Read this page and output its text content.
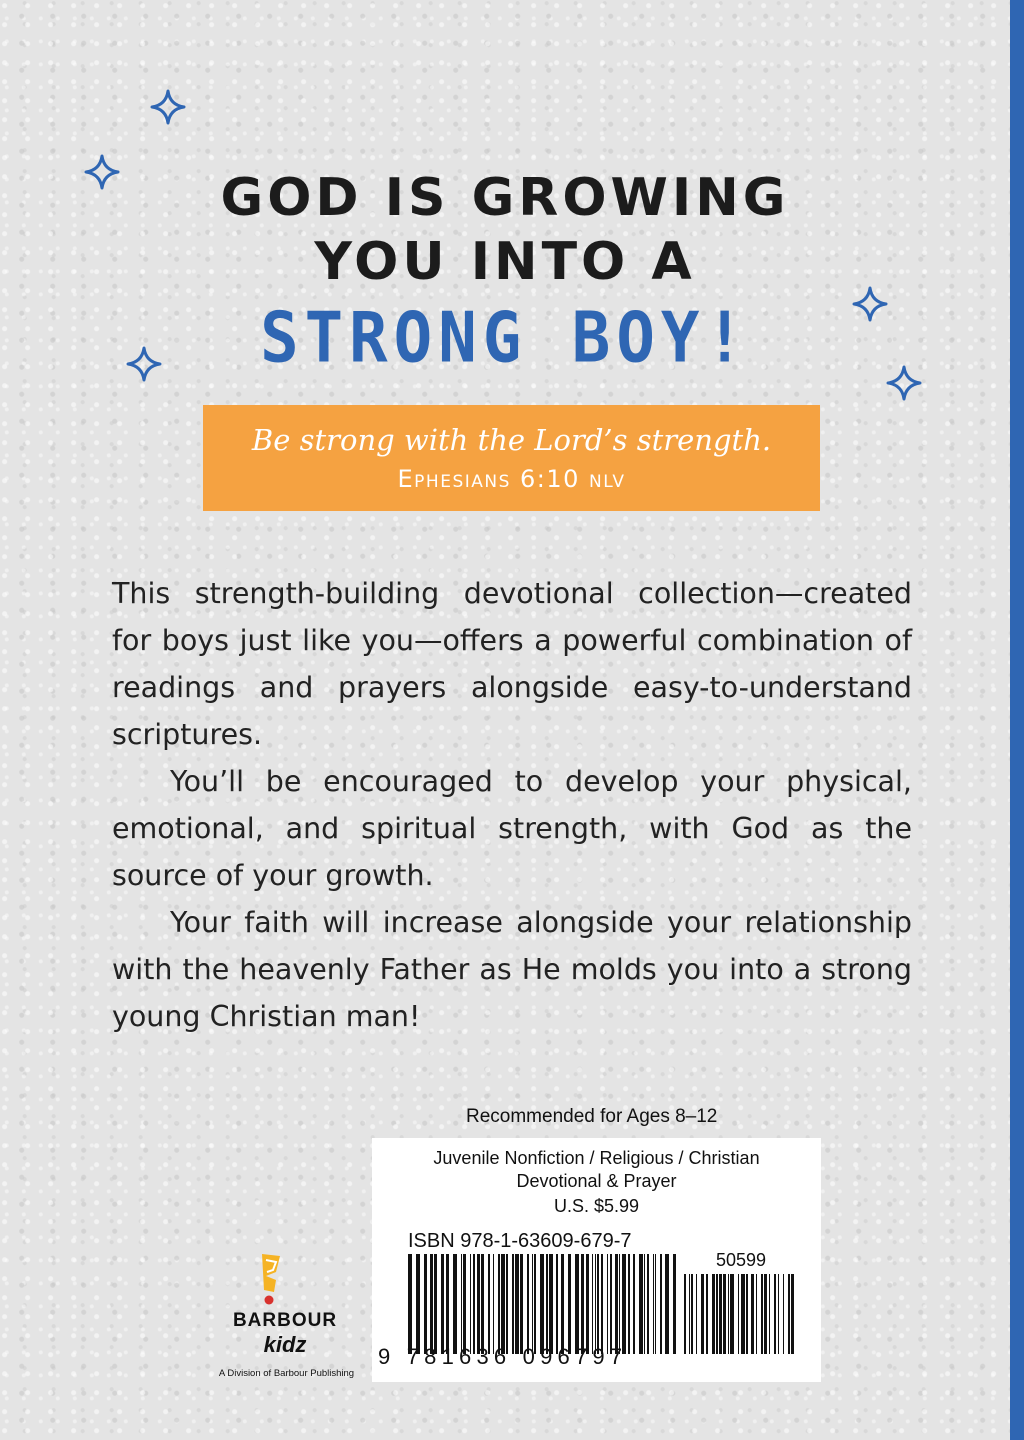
GOD IS GROWING
YOU INTO A
STRONG BOY!
Be strong with the Lord’s strength.
Ephesians 6:10 nlv

This strength-building devotional collection—created for boys just like you—offers a powerful combination of readings and prayers alongside easy-to-understand scriptures.

You’ll be encouraged to develop your physical, emotional, and spiritual strength, with God as the source of your growth.

Your faith will increase alongside your relationship with the heavenly Father as He molds you into a strong young Christian man!

Recommended for Ages 8–12
Juvenile Nonfiction / Religious / Christian
Devotional & Prayer
U.S. $5.99
ISBN 978-1-63609-679-7
50599
9 781636 096797
BARBOUR
kidz
A Division of Barbour Publishing
